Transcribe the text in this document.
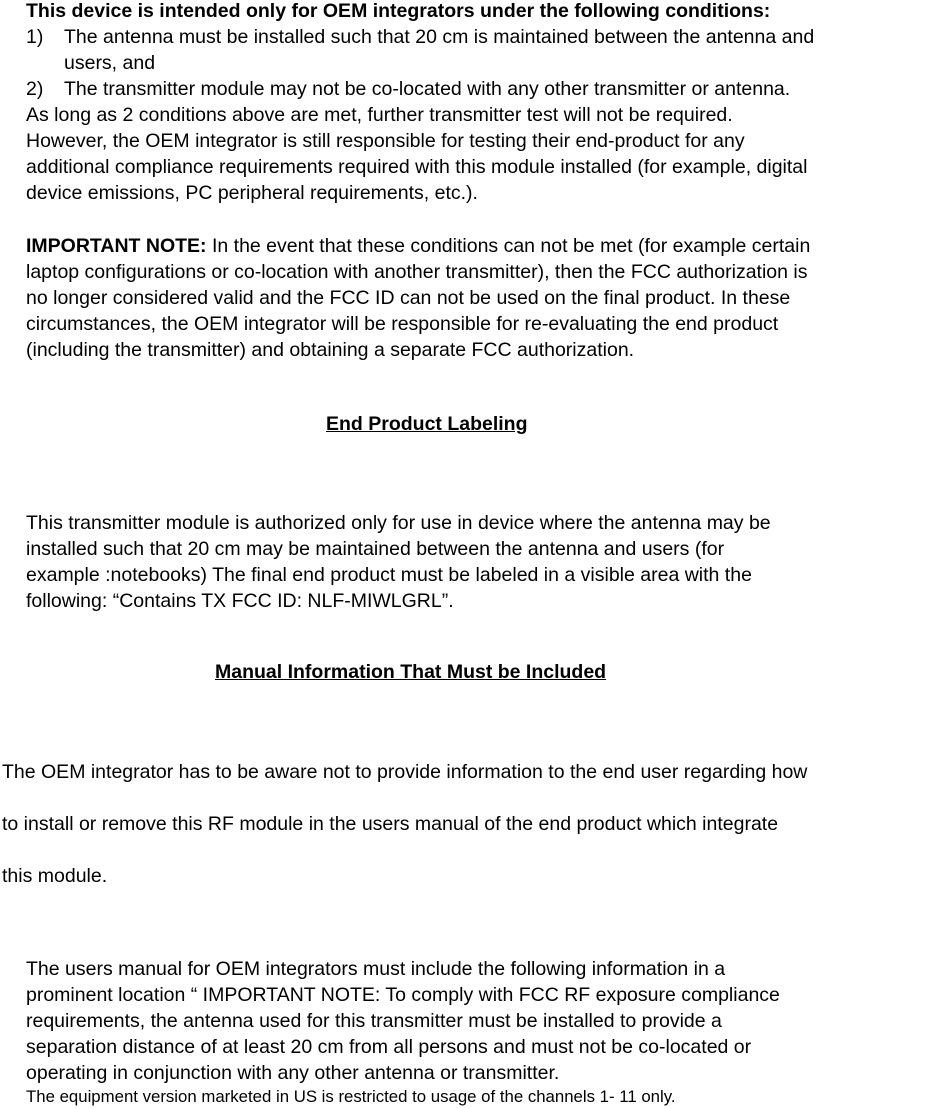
This device is intended only for OEM integrators under the following conditions:
1) The antenna must be installed such that 20 cm is maintained between the antenna and
users, and
2) The transmitter module may not be co-located with any other transmitter or antenna.
As long as 2 conditions above are met, further transmitter test will not be required.
However, the OEM integrator is still responsible for testing their end-product for any
additional compliance requirements required with this module installed (for example, digital
device emissions, PC peripheral requirements, etc.).
IMPORTANT NOTE: In the event that these conditions can not be met (for example certain
laptop configurations or co-location with another transmitter), then the FCC authorization is
no longer considered valid and the FCC ID can not be used on the final product. In these
circumstances, the OEM integrator will be responsible for re-evaluating the end product
(including the transmitter) and obtaining a separate FCC authorization.
End Product Labeling
This transmitter module is authorized only for use in device where the antenna may be
installed such that 20 cm may be maintained between the antenna and users (for
example :notebooks) The final end product must be labeled in a visible area with the
following: “Contains TX FCC ID: NLF-MIWLGRL”.
Manual Information That Must be Included
The OEM integrator has to be aware not to provide information to the end user regarding how
to install or remove this RF module in the users manual of the end product which integrate
this module.
The users manual for OEM integrators must include the following information in a
prominent location “ IMPORTANT NOTE: To comply with FCC RF exposure compliance
requirements, the antenna used for this transmitter must be installed to provide a
separation distance of at least 20 cm from all persons and must not be co-located or
operating in conjunction with any other antenna or transmitter.
The equipment version marketed in US is restricted to usage of the channels 1- 11 only.
